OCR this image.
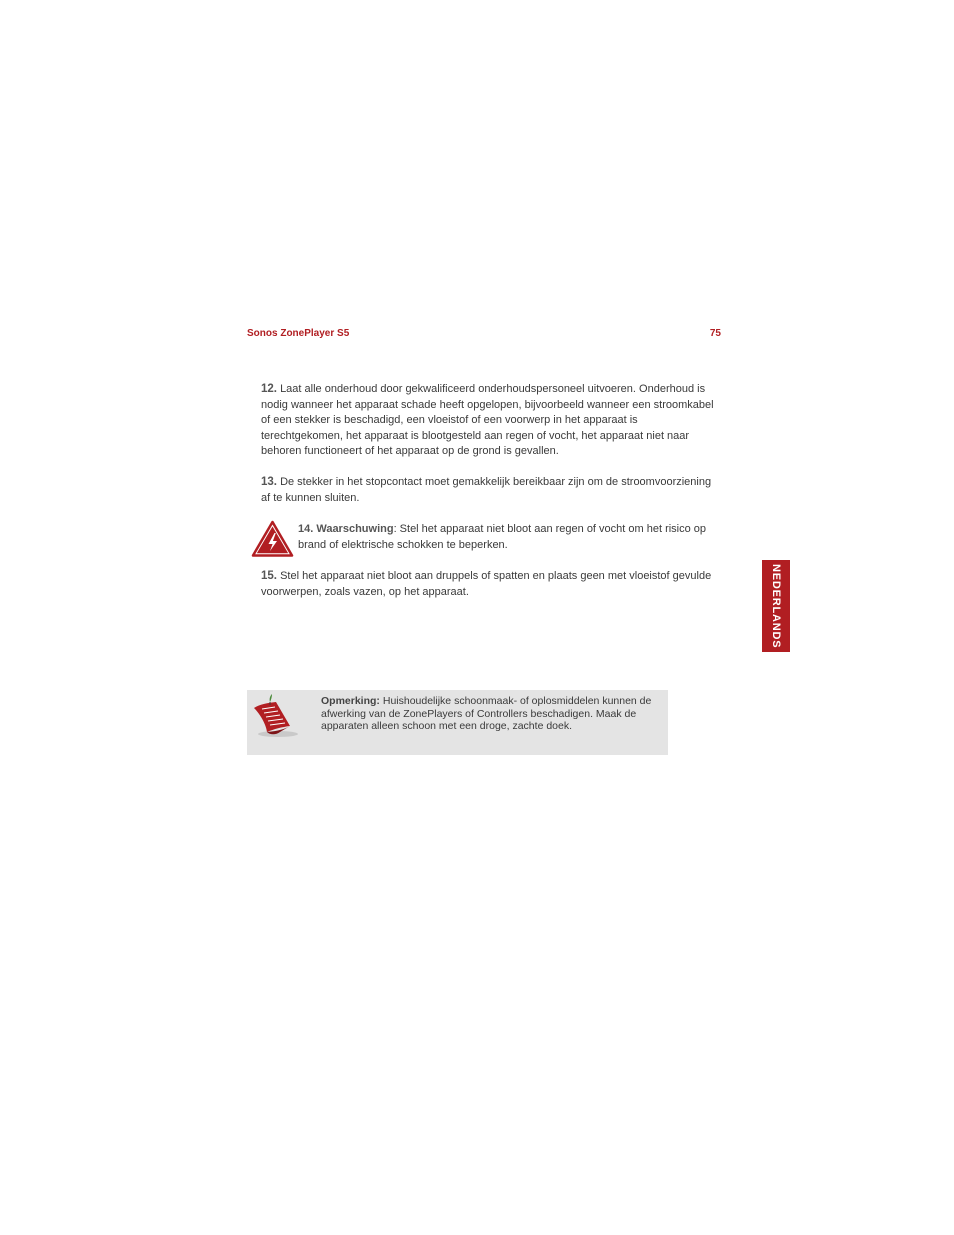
Sonos ZonePlayer S5	75
12. Laat alle onderhoud door gekwalificeerd onderhoudspersoneel uitvoeren. Onderhoud is nodig wanneer het apparaat schade heeft opgelopen, bijvoorbeeld wanneer een stroomkabel of een stekker is beschadigd, een vloeistof of een voorwerp in het apparaat is terechtgekomen, het apparaat is blootgesteld aan regen of vocht, het apparaat niet naar behoren functioneert of het apparaat op de grond is gevallen.
13. De stekker in het stopcontact moet gemakkelijk bereikbaar zijn om de stroomvoorziening af te kunnen sluiten.
14. Waarschuwing: Stel het apparaat niet bloot aan regen of vocht om het risico op brand of elektrische schokken te beperken.
15. Stel het apparaat niet bloot aan druppels of spatten en plaats geen met vloeistof gevulde voorwerpen, zoals vazen, op het apparaat.	NEDERLANDS
Opmerking: Huishoudelijke schoonmaak- of oplosmiddelen kunnen de afwerking van de ZonePlayers of Controllers beschadigen. Maak de apparaten alleen schoon met een droge, zachte doek.
